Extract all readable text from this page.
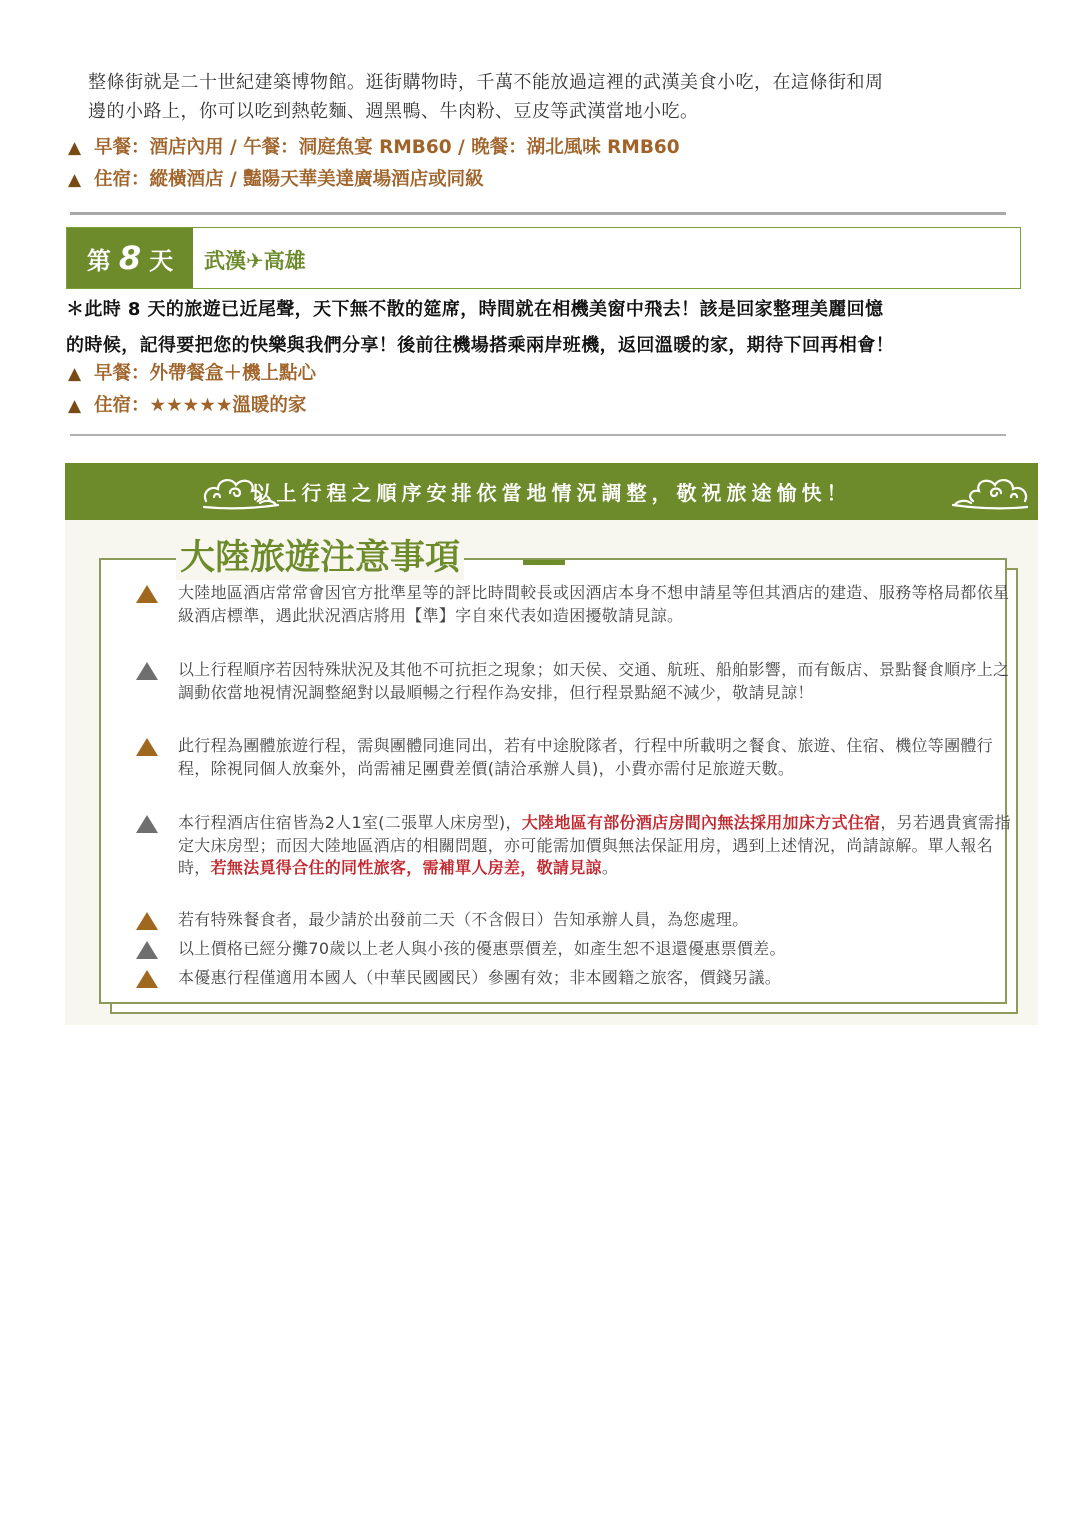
整條街就是二十世紀建築博物館。逛街購物時，千萬不能放過這裡的武漢美食小吃，在這條街和周
邊的小路上，你可以吃到熱乾麵、週黑鴨、牛肉粉、豆皮等武漢當地小吃。
▲ 早餐：酒店內用 / 午餐：洞庭魚宴 RMB60 / 晚餐：湖北風味 RMB60
▲ 住宿：縱橫酒店 / 豔陽天華美達廣場酒店或同級
第 8 天 武漢✈高雄
＊此時 8 天的旅遊已近尾聲，天下無不散的筵席，時間就在相機美窗中飛去！該是回家整理美麗回憶
的時候，記得要把您的快樂與我們分享！後前往機場搭乘兩岸班機，返回溫暖的家，期待下回再相會！
▲ 早餐：外帶餐盒＋機上點心
▲ 住宿：★★★★★溫暖的家
以上行程之順序安排依當地情況調整，敬祝旅途愉快！
大陸旅遊注意事項
大陸地區酒店常常會因官方批準星等的評比時間較長或因酒店本身不想申請星等但其酒店的建造、服務等格局都依星級酒店標準，遇此狀況酒店將用【準】字自來代表如造困擾敬請見諒。
以上行程順序若因特殊狀況及其他不可抗拒之現象；如天侯、交通、航班、船舶影響，而有飯店、景點餐食順序上之調動依當地視情況調整絕對以最順暢之行程作為安排，但行程景點絕不減少，敬請見諒！
此行程為團體旅遊行程，需與團體同進同出，若有中途脫隊者，行程中所載明之餐食、旅遊、住宿、機位等團體行程，除視同個人放棄外，尚需補足團費差價(請洽承辦人員)，小費亦需付足旅遊天數。
本行程酒店住宿皆為2人1室(二張單人床房型)，大陸地區有部份酒店房間內無法採用加床方式住宿，另若遇貴賓需指定大床房型；而因大陸地區酒店的相關問題，亦可能需加價與無法保証用房，遇到上述情況，尚請諒解。單人報名時，若無法覓得合住的同性旅客，需補單人房差，敬請見諒。
若有特殊餐食者，最少請於出發前二天（不含假日）告知承辦人員，為您處理。
以上價格已經分攤70歲以上老人與小孩的優惠票價差，如產生恕不退還優惠票價差。
本優惠行程僅適用本國人（中華民國國民）參團有效；非本國籍之旅客，價錢另議。
